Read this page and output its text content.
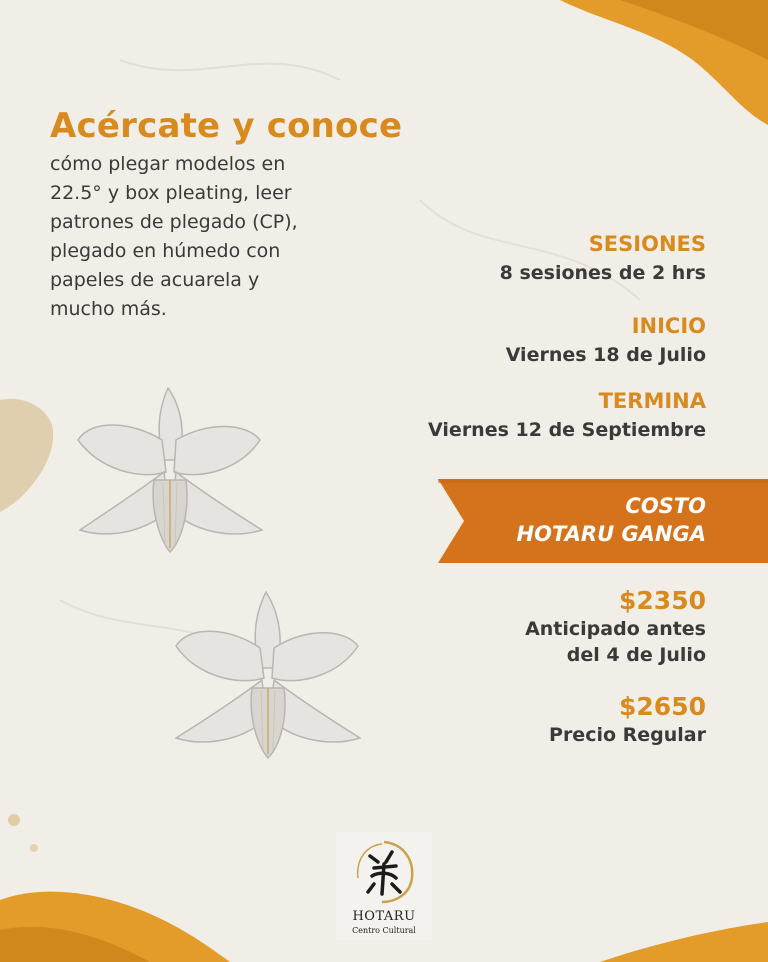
Acércate y conoce
cómo plegar modelos en
22.5° y box pleating, leer
patrones de plegado (CP),
plegado en húmedo con
papeles de acuarela y
mucho más.
SESIONES
8 sesiones de 2 hrs
INICIO
Viernes 18 de Julio
TERMINA
Viernes 12 de Septiembre
COSTO
HOTARU GANGA
$2350
Anticipado antes
del 4 de Julio
$2650
Precio Regular
HOTARU
Centro Cultural
